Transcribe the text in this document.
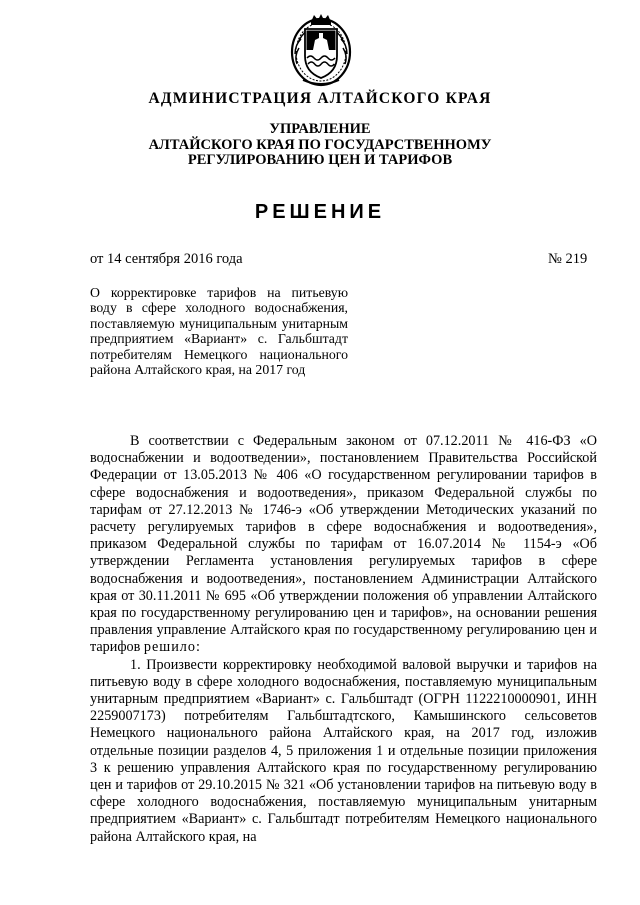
АДМИНИСТРАЦИЯ АЛТАЙСКОГО КРАЯ
УПРАВЛЕНИЕ
АЛТАЙСКОГО КРАЯ ПО ГОСУДАРСТВЕННОМУ
РЕГУЛИРОВАНИЮ ЦЕН И ТАРИФОВ
РЕШЕНИЕ
от 14 сентября 2016 года	№ 219
О корректировке тарифов на питьевую воду в сфере холодного водоснабжения, поставляемую муниципальным унитарным предприятием «Вариант» с. Гальбштадт потребителям Немецкого национального района Алтайского края, на 2017 год

В соответствии с Федеральным законом от 07.12.2011 № 416-ФЗ «О водоснабжении и водоотведении», постановлением Правительства Российской Федерации от 13.05.2013 № 406 «О государственном регулировании тарифов в сфере водоснабжения и водоотведения», приказом Федеральной службы по тарифам от 27.12.2013 № 1746-э «Об утверждении Методических указаний по расчету регулируемых тарифов в сфере водоснабжения и водоотведения», приказом Федеральной службы по тарифам от 16.07.2014 № 1154-э «Об утверждении Регламента установления регулируемых тарифов в сфере водоснабжения и водоотведения», постановлением Администрации Алтайского края от 30.11.2011 № 695 «Об утверждении положения об управлении Алтайского края по государственному регулированию цен и тарифов», на основании решения правления управление Алтайского края по государственному регулированию цен и тарифов решило:

1. Произвести корректировку необходимой валовой выручки и тарифов на питьевую воду в сфере холодного водоснабжения, поставляемую муниципальным унитарным предприятием «Вариант» с. Гальбштадт (ОГРН 1122210000901, ИНН 2259007173) потребителям Гальбштадтского, Камышинского сельсоветов Немецкого национального района Алтайского края, на 2017 год, изложив отдельные позиции разделов 4, 5 приложения 1 и отдельные позиции приложения 3 к решению управления Алтайского края по государственному регулированию цен и тарифов от 29.10.2015 № 321 «Об установлении тарифов на питьевую воду в сфере холодного водоснабжения, поставляемую муниципальным унитарным предприятием «Вариант» с. Гальбштадт потребителям Немецкого национального района Алтайского края, на
